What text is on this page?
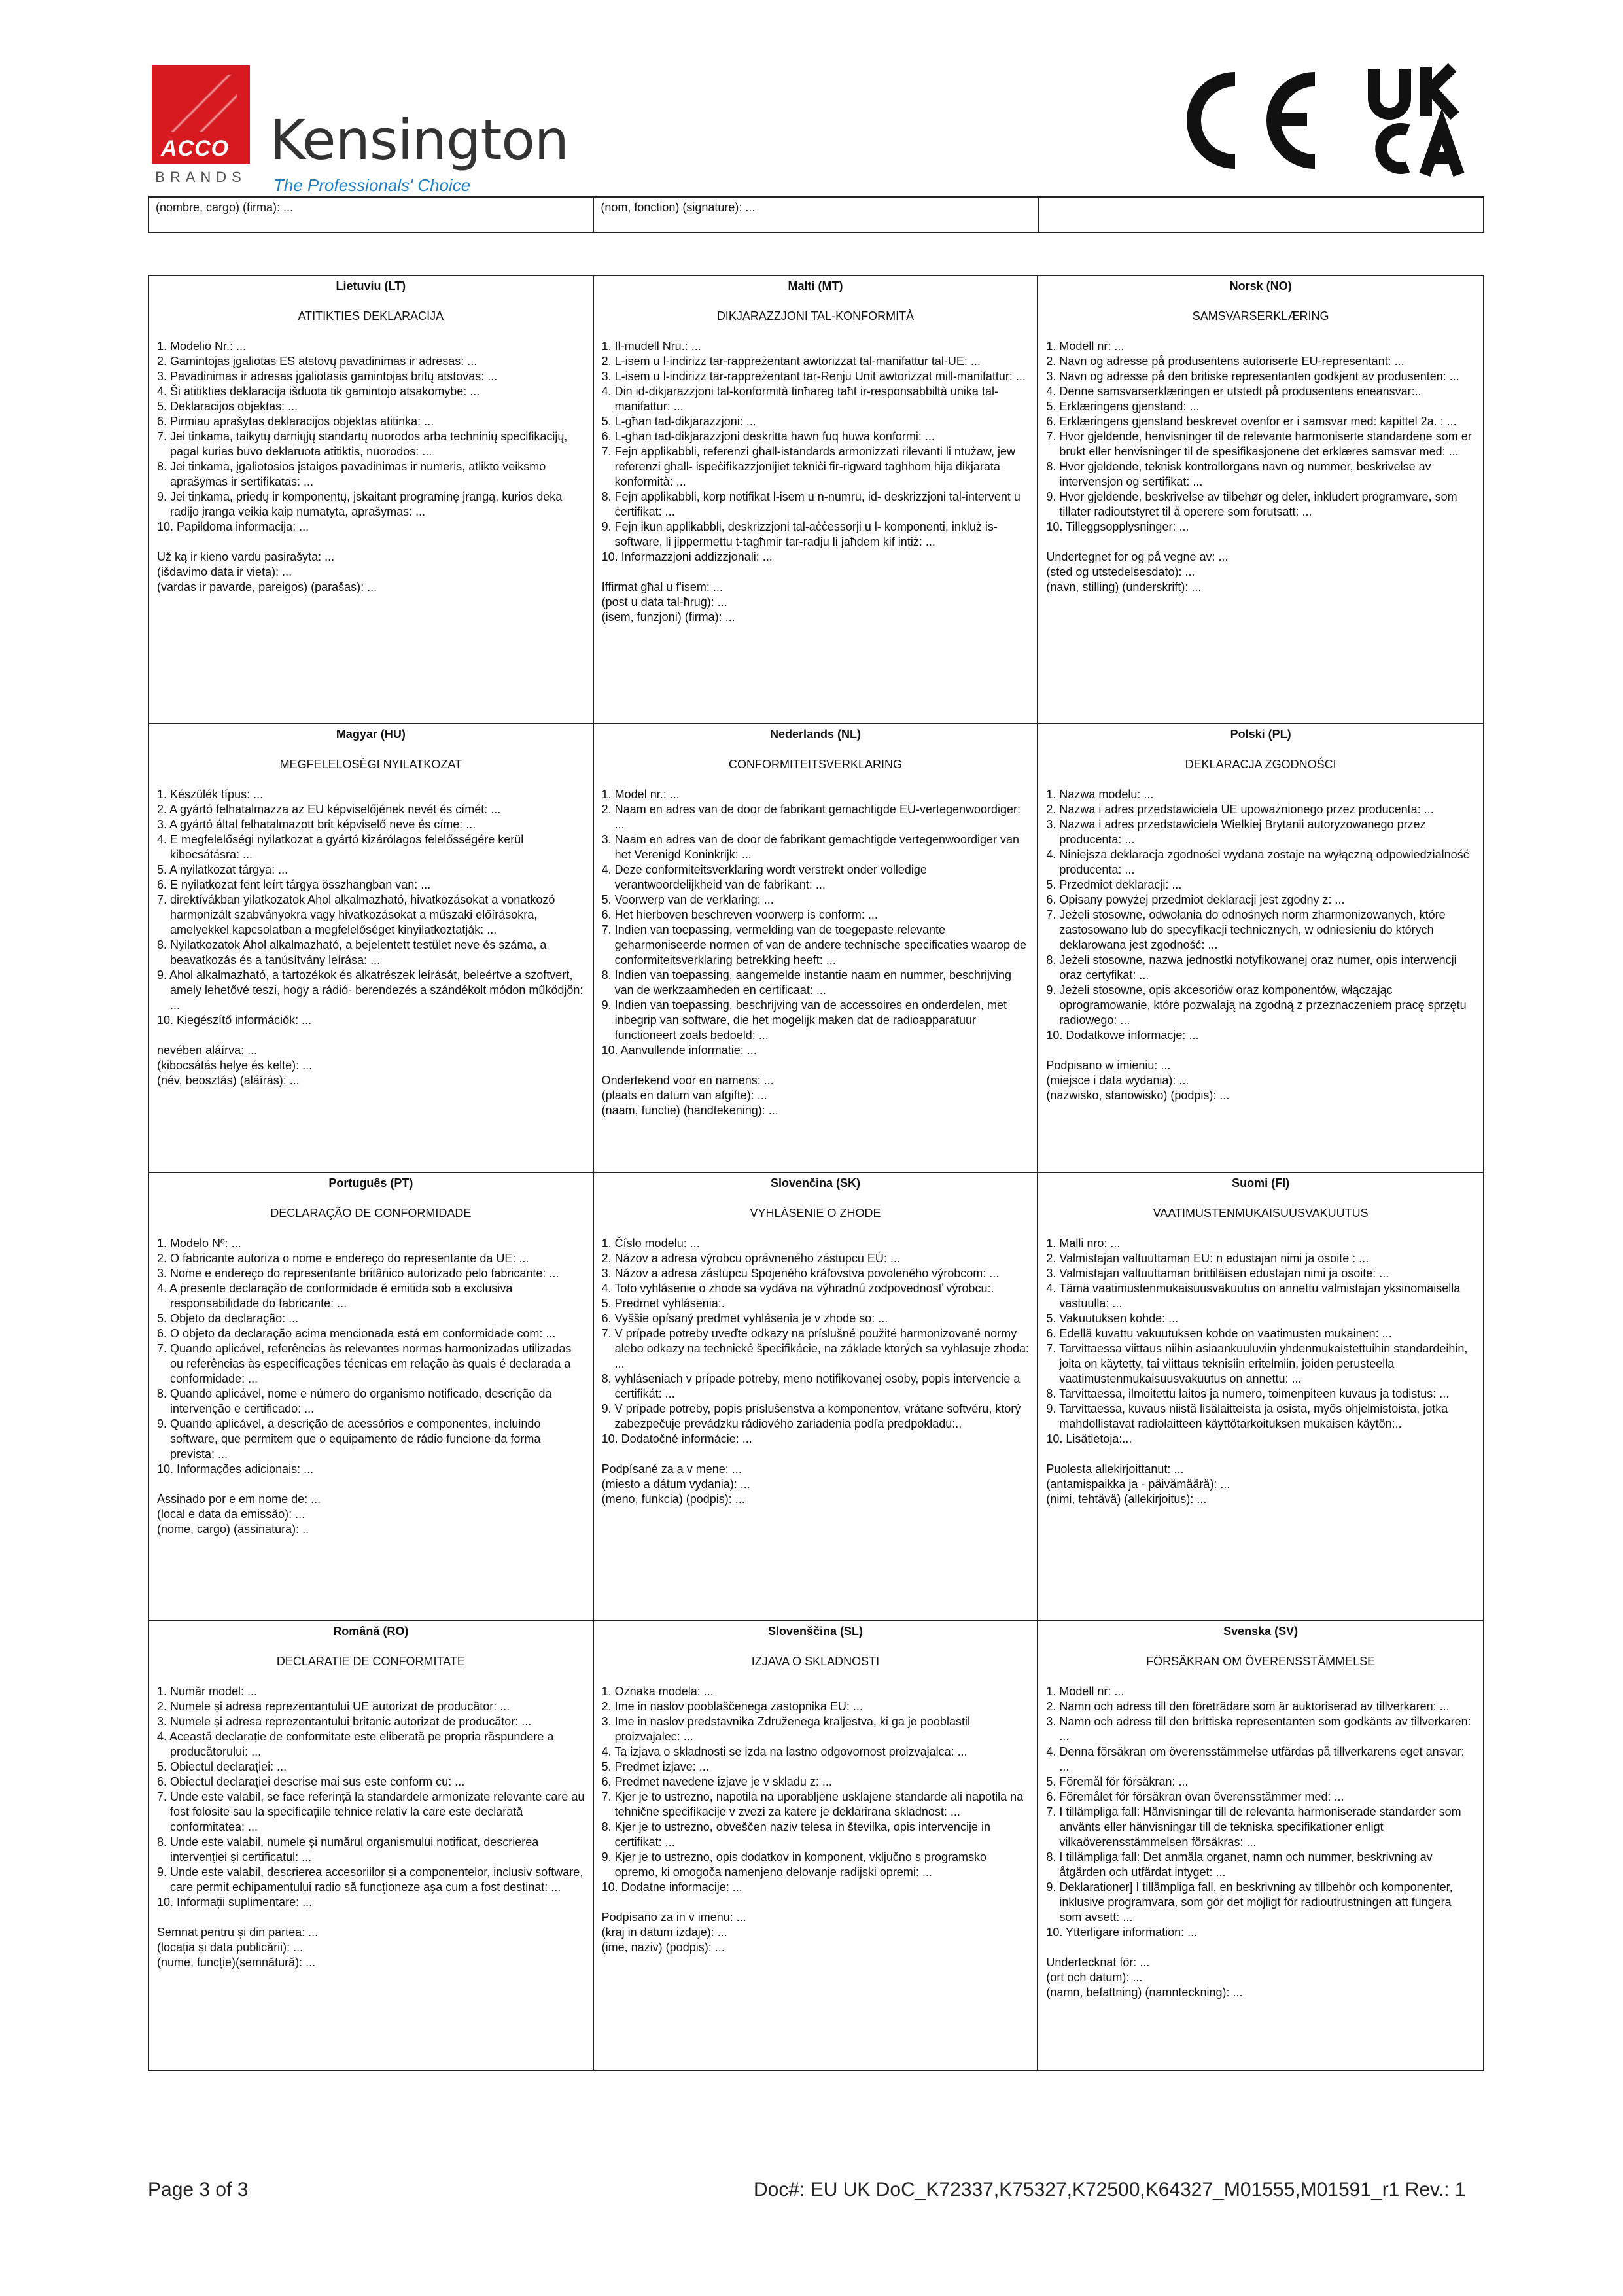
ACCO
BRANDS
Kensington
The Professionals' Choice
(nombre, cargo) (firma): ...	(nom, fonction) (signature): ...
Lietuviu (LT)
ATITIKTIES DEKLARACIJA
1. Modelio Nr.: ...
2. Gamintojas įgaliotas ES atstovų pavadinimas ir adresas: ...
3. Pavadinimas ir adresas įgaliotasis gamintojas britų atstovas: ...
4. Ši atitikties deklaracija išduota tik gamintojo atsakomybe: ...
5. Deklaracijos objektas: ...
6. Pirmiau aprašytas deklaracijos objektas atitinka: ...
7. Jei tinkama, taikytų darniųjų standartų nuorodos arba techninių specifikacijų, pagal kurias buvo deklaruota atitiktis, nuorodos: ...
8. Jei tinkama, įgaliotosios įstaigos pavadinimas ir numeris, atlikto veiksmo aprašymas ir sertifikatas: ...
9. Jei tinkama, priedų ir komponentų, įskaitant programinę įrangą, kurios deka radijo įranga veikia kaip numatyta, aprašymas: ...
10. Papildoma informacija: ...
Už ką ir kieno vardu pasirašyta: ...
(išdavimo data ir vieta): ...
(vardas ir pavarde, pareigos) (parašas): ...
Malti (MT)
DIKJARAZZJONI TAL-KONFORMITÀ
1. Il-mudell Nru.: ...
2. L-isem u l-indirizz tar-rappreżentant awtorizzat tal-manifattur tal-UE: ...
3. L-isem u l-indirizz tar-rappreżentant tar-Renju Unit awtorizzat mill-manifattur: ...
4. Din id-dikjarazzjoni tal-konformità tinħareg taħt ir-responsabbiltà unika tal- manifattur: ...
5. L-għan tad-dikjarazzjoni: ...
6. L-għan tad-dikjarazzjoni deskritta hawn fuq huwa konformi: ...
7. Fejn applikabbli, referenzi għall-istandards armonizzati rilevanti li ntużaw, jew referenzi għall- ispeċifikazzjonijiet tekniċi fir-rigward tagħhom hija dikjarata konformità: ...
8. Fejn applikabbli, korp notifikat l-isem u n-numru, id- deskrizzjoni tal-intervent u ċertifikat: ...
9. Fejn ikun applikabbli, deskrizzjoni tal-aċċessorji u l- komponenti, inkluż is- software, li jippermettu t-tagħmir tar-radju li jaħdem kif intiż: ...
10. Informazzjoni addizzjonali: ...
Iffirmat għal u f'isem: ...
(post u data tal-ħrug): ...
(isem, funzjoni) (firma): ...
Norsk (NO)
SAMSVARSERKLÆRING
1. Modell nr: ...
2. Navn og adresse på produsentens autoriserte EU-representant: ...
3. Navn og adresse på den britiske representanten godkjent av produsenten: ...
4. Denne samsvarserklæringen er utstedt på produsentens eneansvar:..
5. Erklæringens gjenstand: ...
6. Erklæringens gjenstand beskrevet ovenfor er i samsvar med: kapittel 2a. : ...
7. Hvor gjeldende, henvisninger til de relevante harmoniserte standardene som er brukt eller henvisninger til de spesifikasjonene det erklæres samsvar med: ...
8. Hvor gjeldende, teknisk kontrollorgans navn og nummer, beskrivelse av intervensjon og sertifikat: ...
9. Hvor gjeldende, beskrivelse av tilbehør og deler, inkludert programvare, som tillater radioutstyret til å operere som forutsatt: ...
10. Tilleggsopplysninger: ...
Undertegnet for og på vegne av: ...
(sted og utstedelsesdato): ...
(navn, stilling) (underskrift): ...
Magyar (HU)
MEGFELELOSÉGI NYILATKOZAT
1. Készülék típus: ...
2. A gyártó felhatalmazza az EU képviselőjének nevét és címét: ...
3. A gyártó által felhatalmazott brit képviselő neve és címe: ...
4. E megfelelőségi nyilatkozat a gyártó kizárólagos felelősségére kerül kibocsátásra: ...
5. A nyilatkozat tárgya: ...
6. E nyilatkozat fent leírt tárgya összhangban van: ...
7. direktívákban yilatkozatok Ahol alkalmazható, hivatkozásokat a vonatkozó harmonizált szabványokra vagy hivatkozásokat a műszaki előírásokra, amelyekkel kapcsolatban a megfelelőséget kinyilatkoztatják: ...
8. Nyilatkozatok Ahol alkalmazható, a bejelentett testület neve és száma, a beavatkozás és a tanúsítvány leírása: ...
9. Ahol alkalmazható, a tartozékok és alkatrészek leírását, beleértve a szoftvert, amely lehetővé teszi, hogy a rádió- berendezés a szándékolt módon működjön: ...
10. Kiegészítő információk: ...
nevében aláírva: ...
(kibocsátás helye és kelte): ...
(név, beosztás) (aláírás): ...
Nederlands (NL)
CONFORMITEITSVERKLARING
1. Model nr.: ...
2. Naam en adres van de door de fabrikant gemachtigde EU-vertegenwoordiger: ...
3. Naam en adres van de door de fabrikant gemachtigde vertegenwoordiger van het Verenigd Koninkrijk: ...
4. Deze conformiteitsverklaring wordt verstrekt onder volledige verantwoordelijkheid van de fabrikant: ...
5. Voorwerp van de verklaring: ...
6. Het hierboven beschreven voorwerp is conform: ...
7. Indien van toepassing, vermelding van de toegepaste relevante geharmoniseerde normen of van de andere technische specificaties waarop de conformiteitsverklaring betrekking heeft: ...
8. Indien van toepassing, aangemelde instantie naam en nummer, beschrijving van de werkzaamheden en certificaat: ...
9. Indien van toepassing, beschrijving van de accessoires en onderdelen, met inbegrip van software, die het mogelijk maken dat de radioapparatuur functioneert zoals bedoeld: ...
10. Aanvullende informatie: ...
Ondertekend voor en namens: ...
(plaats en datum van afgifte): ...
(naam, functie) (handtekening): ...
Polski (PL)
DEKLARACJA ZGODNOŚCI
1. Nazwa modelu: ...
2. Nazwa i adres przedstawiciela UE upoważnionego przez producenta: ...
3. Nazwa i adres przedstawiciela Wielkiej Brytanii autoryzowanego przez producenta: ...
4. Niniejsza deklaracja zgodności wydana zostaje na wyłączną odpowiedzialność producenta: ...
5. Przedmiot deklaracji: ...
6. Opisany powyżej przedmiot deklaracji jest zgodny z: ...
7. Jeżeli stosowne, odwołania do odnośnych norm zharmonizowanych, które zastosowano lub do specyfikacji technicznych, w odniesieniu do których deklarowana jest zgodność: ...
8. Jeżeli stosowne, nazwa jednostki notyfikowanej oraz numer, opis interwencji oraz certyfikat: ...
9. Jeżeli stosowne, opis akcesoriów oraz komponentów, włączając oprogramowanie, które pozwalają na zgodną z przeznaczeniem pracę sprzętu radiowego: ...
10. Dodatkowe informacje: ...
Podpisano w imieniu: ...
(miejsce i data wydania): ...
(nazwisko, stanowisko) (podpis): ...
Português (PT)
DECLARAÇÃO DE CONFORMIDADE
1. Modelo Nº: ...
2. O fabricante autoriza o nome e endereço do representante da UE: ...
3. Nome e endereço do representante britânico autorizado pelo fabricante: ...
4. A presente declaração de conformidade é emitida sob a exclusiva responsabilidade do fabricante: ...
5. Objeto da declaração: ...
6. O objeto da declaração acima mencionada está em conformidade com: ...
7. Quando aplicável, referências às relevantes normas harmonizadas utilizadas ou referências às especificações técnicas em relação às quais é declarada a conformidade: ...
8. Quando aplicável, nome e número do organismo notificado, descrição da intervenção e certificado: ...
9. Quando aplicável, a descrição de acessórios e componentes, incluindo software, que permitem que o equipamento de rádio funcione da forma prevista: ...
10. Informações adicionais: ...
Assinado por e em nome de: ...
(local e data da emissão): ...
(nome, cargo) (assinatura): ..
Slovenčina (SK)
VYHLÁSENIE O ZHODE
1. Číslo modelu: ...
2. Názov a adresa výrobcu oprávneného zástupcu EÚ: ...
3. Názov a adresa zástupcu Spojeného kráľovstva povoleného výrobcom: ...
4. Toto vyhlásenie o zhode sa vydáva na výhradnú zodpovednosť výrobcu:.
5. Predmet vyhlásenia:.
6. Vyššie opísaný predmet vyhlásenia je v zhode so: ...
7. V prípade potreby uveďte odkazy na príslušné použité harmonizované normy alebo odkazy na technické špecifikácie, na základe ktorých sa vyhlasuje zhoda: ...
8. vyhláseniach v prípade potreby, meno notifikovanej osoby, popis intervencie a certifikát: ...
9. V prípade potreby, popis príslušenstva a komponentov, vrátane softvéru, ktorý zabezpečuje prevádzku rádiového zariadenia podľa predpokladu:..
10. Dodatočné informácie: ...
Podpísané za a v mene: ...
(miesto a dátum vydania): ...
(meno, funkcia) (podpis): ...
Suomi (FI)
VAATIMUSTENMUKAISUUSVAKUUTUS
1. Malli nro: ...
2. Valmistajan valtuuttaman EU: n edustajan nimi ja osoite : ...
3. Valmistajan valtuuttaman brittiläisen edustajan nimi ja osoite: ...
4. Tämä vaatimustenmukaisuusvakuutus on annettu valmistajan yksinomaisella vastuulla: ...
5. Vakuutuksen kohde: ...
6. Edellä kuvattu vakuutuksen kohde on vaatimusten mukainen: ...
7. Tarvittaessa viittaus niihin asiaankuuluviin yhdenmukaistettuihin standardeihin, joita on käytetty, tai viittaus teknisiin eritelmiin, joiden perusteella vaatimustenmukaisuusvakuutus on annettu: ...
8. Tarvittaessa, ilmoitettu laitos ja numero, toimenpiteen kuvaus ja todistus: ...
9. Tarvittaessa, kuvaus niistä lisälaitteista ja osista, myös ohjelmistoista, jotka mahdollistavat radiolaitteen käyttötarkoituksen mukaisen käytön:..
10. Lisätietoja:...
Puolesta allekirjoittanut: ...
(antamispaikka ja - päivämäärä): ...
(nimi, tehtävä) (allekirjoitus): ...
Română (RO)
DECLARATIE DE CONFORMITATE
1. Număr model: ...
2. Numele și adresa reprezentantului UE autorizat de producător: ...
3. Numele și adresa reprezentantului britanic autorizat de producător: ...
4. Această declarație de conformitate este eliberată pe propria răspundere a producătorului: ...
5. Obiectul declarației: ...
6. Obiectul declarației descrise mai sus este conform cu: ...
7. Unde este valabil, se face referință la standardele armonizate relevante care au fost folosite sau la specificațiile tehnice relativ la care este declarată conformitatea: ...
8. Unde este valabil, numele și numărul organismului notificat, descrierea intervenției și certificatul: ...
9. Unde este valabil, descrierea accesoriilor și a componentelor, inclusiv software, care permit echipamentului radio să funcționeze așa cum a fost destinat: ...
10. Informații suplimentare: ...
Semnat pentru și din partea: ...
(locația și data publicării): ...
(nume, funcție)(semnătură): ...
Slovenščina (SL)
IZJAVA O SKLADNOSTI
1. Oznaka modela: ...
2. Ime in naslov pooblaščenega zastopnika EU: ...
3. Ime in naslov predstavnika Združenega kraljestva, ki ga je pooblastil proizvajalec: ...
4. Ta izjava o skladnosti se izda na lastno odgovornost proizvajalca: ...
5. Predmet izjave: ...
6. Predmet navedene izjave je v skladu z: ...
7. Kjer je to ustrezno, napotila na uporabljene usklajene standarde ali napotila na tehnične specifikacije v zvezi za katere je deklarirana skladnost: ...
8. Kjer je to ustrezno, obveščen naziv telesa in številka, opis intervencije in certifikat: ...
9. Kjer je to ustrezno, opis dodatkov in komponent, vključno s programsko opremo, ki omogoča namenjeno delovanje radijski opremi: ...
10. Dodatne informacije: ...
Podpisano za in v imenu: ...
(kraj in datum izdaje): ...
(ime, naziv) (podpis): ...
Svenska (SV)
FÖRSÄKRAN OM ÖVERENSSTÄMMELSE
1. Modell nr: ...
2. Namn och adress till den företrädare som är auktoriserad av tillverkaren: ...
3. Namn och adress till den brittiska representanten som godkänts av tillverkaren: ...
4. Denna försäkran om överensstämmelse utfärdas på tillverkarens eget ansvar: ...
5. Föremål för försäkran: ...
6. Föremålet för försäkran ovan överensstämmer med: ...
7. I tillämpliga fall: Hänvisningar till de relevanta harmoniserade standarder som använts eller hänvisningar till de tekniska specifikationer enligt vilkaöverensstämmelsen försäkras: ...
8. I tillämpliga fall: Det anmäla organet, namn och nummer, beskrivning av åtgärden och utfärdat intyget: ...
9. Deklarationer] I tillämpliga fall, en beskrivning av tillbehör och komponenter, inklusive programvara, som gör det möjligt för radioutrustningen att fungera som avsett: ...
10. Ytterligare information: ...
Undertecknat för: ...
(ort och datum): ...
(namn, befattning) (namnteckning): ...
Page 3 of 3	Doc#: EU UK DoC_K72337,K75327,K72500,K64327_M01555,M01591_r1 Rev.: 1
